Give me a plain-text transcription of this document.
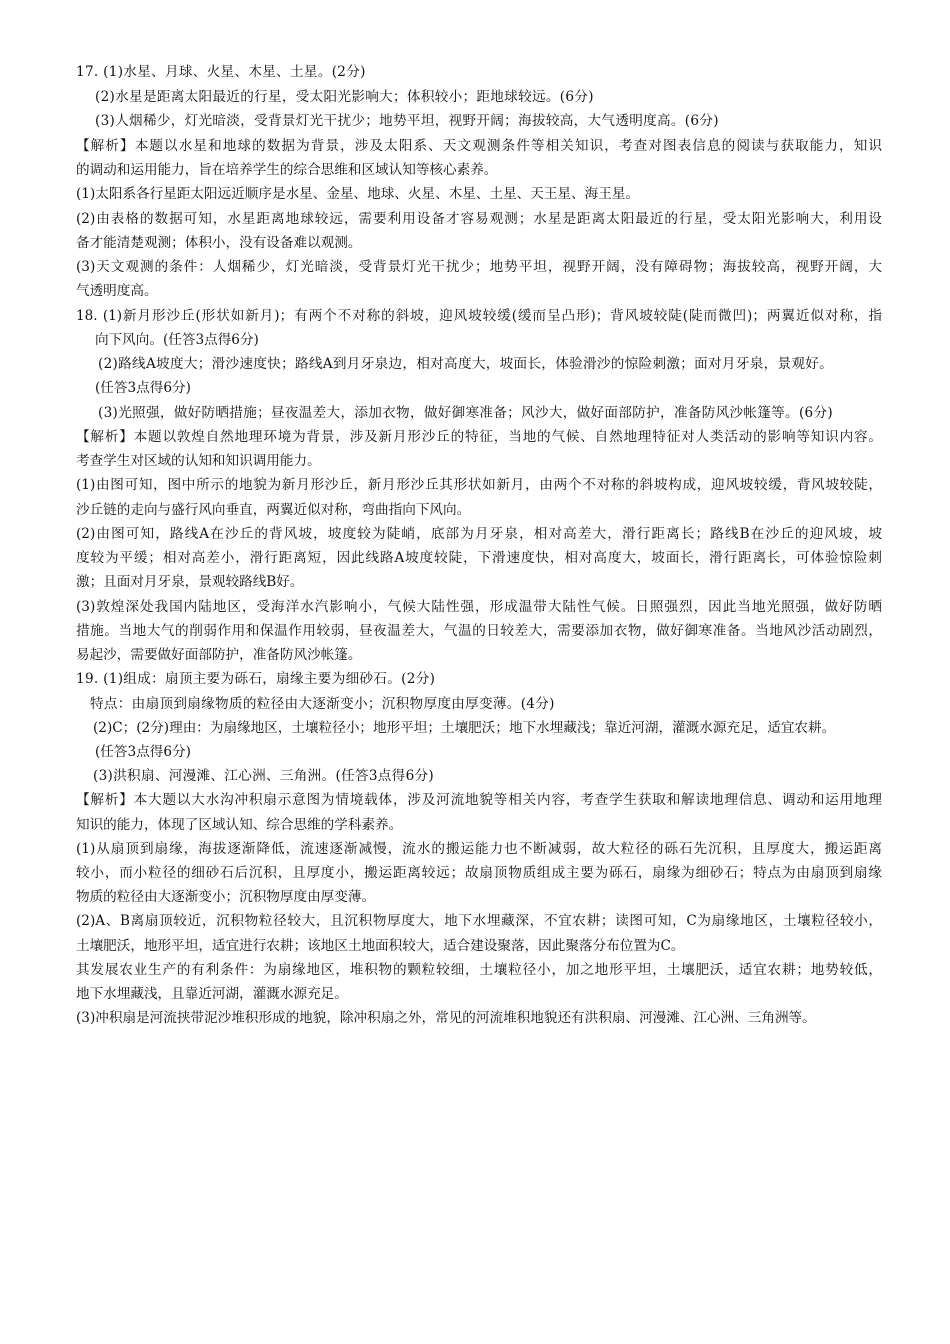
17. (1)水星、月球、火星、木星、土星。(2分)
(2)水星是距离太阳最近的行星，受太阳光影响大；体积较小；距地球较远。(6分)
(3)人烟稀少，灯光暗淡，受背景灯光干扰少；地势平坦，视野开阔；海拔较高，大气透明度高。(6分)
【解析】本题以水星和地球的数据为背景，涉及太阳系、天文观测条件等相关知识，考查对图表信息的阅读与获取能力，知识
的调动和运用能力，旨在培养学生的综合思维和区域认知等核心素养。
(1)太阳系各行星距太阳远近顺序是水星、金星、地球、火星、木星、土星、天王星、海王星。
(2)由表格的数据可知，水星距离地球较远，需要利用设备才容易观测；水星是距离太阳最近的行星，受太阳光影响大，利用设
备才能清楚观测；体积小，没有设备难以观测。
(3)天文观测的条件：人烟稀少，灯光暗淡，受背景灯光干扰少；地势平坦，视野开阔，没有障碍物；海拔较高，视野开阔，大
气透明度高。
18. (1)新月形沙丘(形状如新月)；有两个不对称的斜坡，迎风坡较缓(缓而呈凸形)；背风坡较陡(陡而微凹)；两翼近似对称，指
向下风向。(任答3点得6分)
(2)路线A坡度大；滑沙速度快；路线A到月牙泉边，相对高度大，坡面长，体验滑沙的惊险刺激；面对月牙泉，景观好。
(任答3点得6分)
(3)光照强，做好防晒措施；昼夜温差大，添加衣物，做好御寒准备；风沙大，做好面部防护，准备防风沙帐篷等。(6分)
【解析】本题以敦煌自然地理环境为背景，涉及新月形沙丘的特征，当地的气候、自然地理特征对人类活动的影响等知识内容。
考查学生对区域的认知和知识调用能力。
(1)由图可知，图中所示的地貌为新月形沙丘，新月形沙丘其形状如新月，由两个不对称的斜坡构成，迎风坡较缓，背风坡较陡，
沙丘链的走向与盛行风向垂直，两翼近似对称，弯曲指向下风向。
(2)由图可知，路线A在沙丘的背风坡，坡度较为陡峭，底部为月牙泉，相对高差大，滑行距离长；路线B在沙丘的迎风坡，坡
度较为平缓；相对高差小，滑行距离短，因此线路A坡度较陡，下滑速度快，相对高度大，坡面长，滑行距离长，可体验惊险刺
激；且面对月牙泉，景观较路线B好。
(3)敦煌深处我国内陆地区，受海洋水汽影响小，气候大陆性强，形成温带大陆性气候。日照强烈，因此当地光照强，做好防晒
措施。当地大气的削弱作用和保温作用较弱，昼夜温差大，气温的日较差大，需要添加衣物，做好御寒准备。当地风沙活动剧烈，
易起沙，需要做好面部防护，准备防风沙帐篷。
19. (1)组成：扇顶主要为砾石，扇缘主要为细砂石。(2分)
特点：由扇顶到扇缘物质的粒径由大逐渐变小；沉积物厚度由厚变薄。(4分)
(2)C；(2分)理由：为扇缘地区，土壤粒径小；地形平坦；土壤肥沃；地下水埋藏浅；靠近河湖，灌溉水源充足，适宜农耕。
(任答3点得6分)
(3)洪积扇、河漫滩、江心洲、三角洲。(任答3点得6分)
【解析】本大题以大水沟冲积扇示意图为情境载体，涉及河流地貌等相关内容，考查学生获取和解读地理信息、调动和运用地理
知识的能力，体现了区域认知、综合思维的学科素养。
(1)从扇顶到扇缘，海拔逐渐降低，流速逐渐减慢，流水的搬运能力也不断减弱，故大粒径的砾石先沉积，且厚度大，搬运距离
较小，而小粒径的细砂石后沉积，且厚度小，搬运距离较远；故扇顶物质组成主要为砾石，扇缘为细砂石；特点为由扇顶到扇缘
物质的粒径由大逐渐变小；沉积物厚度由厚变薄。
(2)A、B离扇顶较近，沉积物粒径较大，且沉积物厚度大，地下水埋藏深，不宜农耕；读图可知，C为扇缘地区，土壤粒径较小，
土壤肥沃，地形平坦，适宜进行农耕；该地区土地面积较大，适合建设聚落，因此聚落分布位置为C。
其发展农业生产的有利条件：为扇缘地区，堆积物的颗粒较细，土壤粒径小，加之地形平坦，土壤肥沃，适宜农耕；地势较低，
地下水埋藏浅，且靠近河湖，灌溉水源充足。
(3)冲积扇是河流挟带泥沙堆积形成的地貌，除冲积扇之外，常见的河流堆积地貌还有洪积扇、河漫滩、江心洲、三角洲等。
